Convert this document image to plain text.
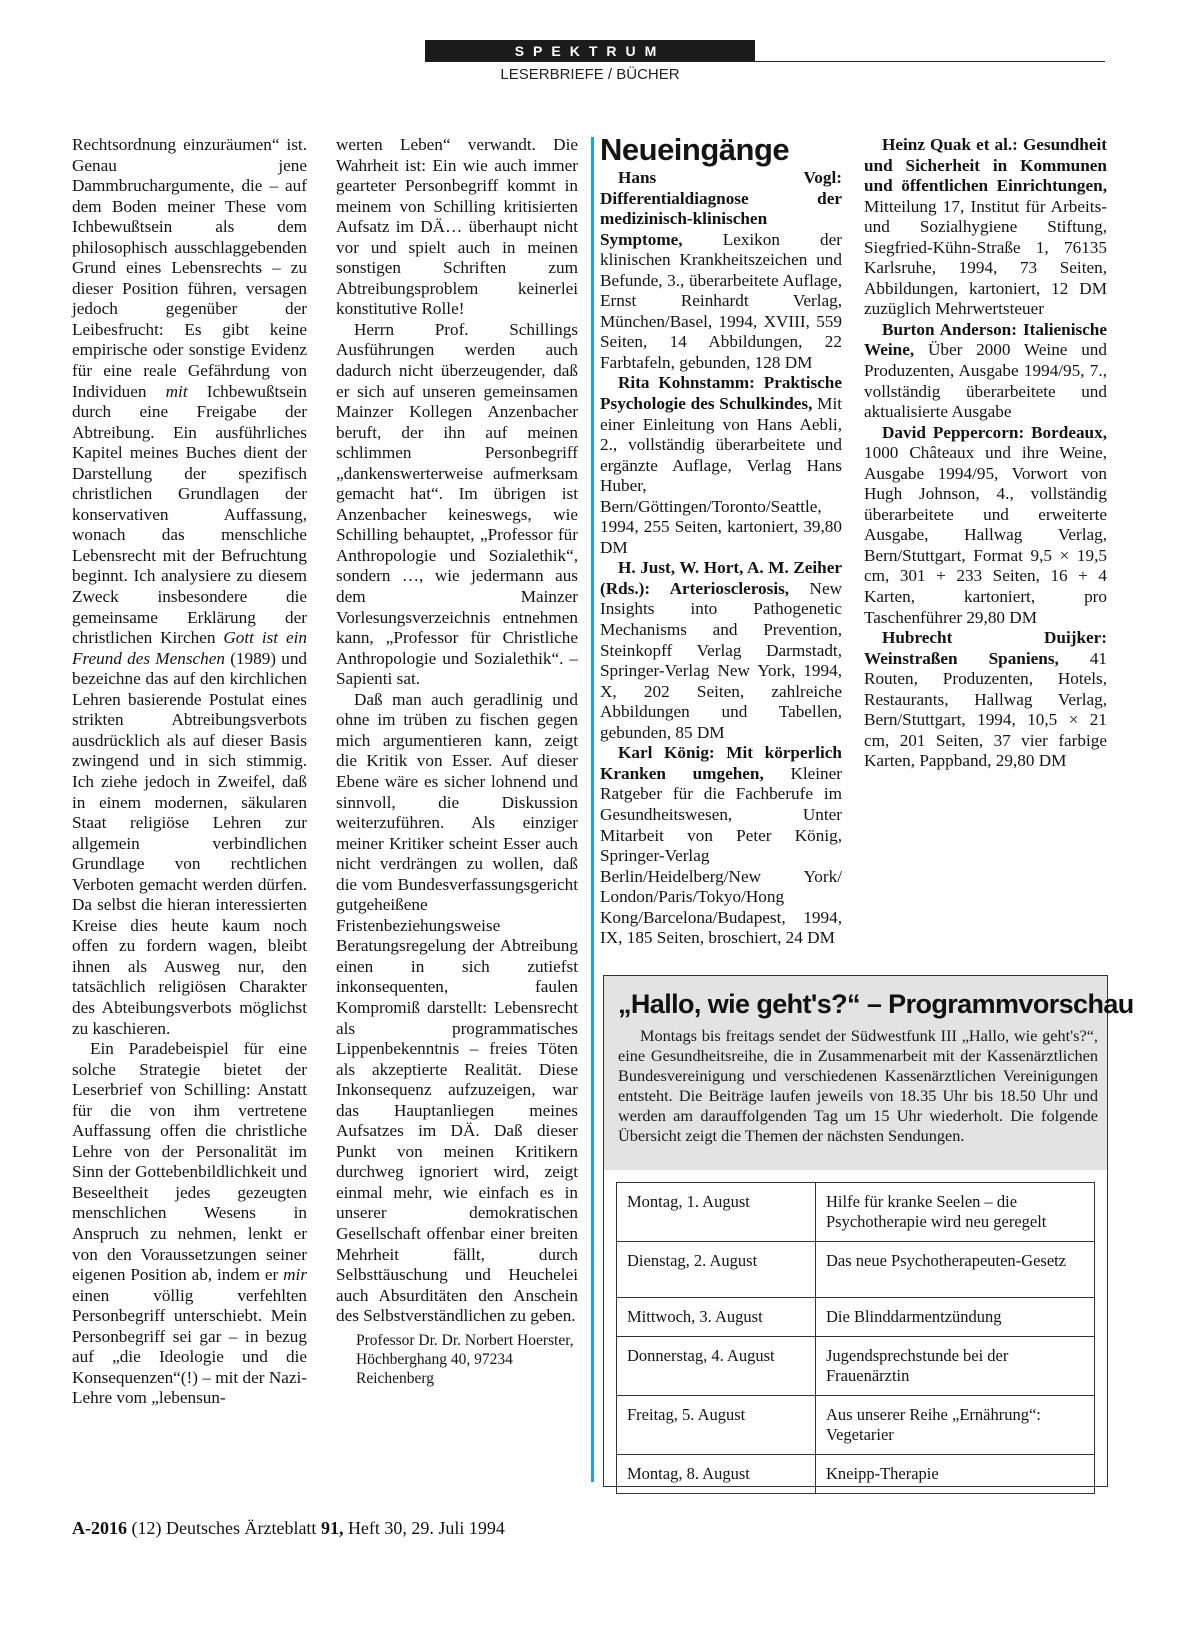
SPEKTRUM
LESERBRIEFE / BÜCHER

Rechtsordnung einzuräumen“ ist. Genau jene Dammbruchargumente, die – auf dem Boden meiner These vom Ichbewußtsein als dem philosophisch ausschlaggebenden Grund eines Lebensrechts – zu dieser Position führen, versagen jedoch gegenüber der Leibesfrucht: Es gibt keine empirische oder sonstige Evidenz für eine reale Gefährdung von Individuen mit Ichbewußtsein durch eine Freigabe der Abtreibung. Ein ausführliches Kapitel meines Buches dient der Darstellung der spezifisch christlichen Grundlagen der konservativen Auffassung, wonach das menschliche Lebensrecht mit der Befruchtung beginnt. Ich analysiere zu diesem Zweck insbesondere die gemeinsame Erklärung der christlichen Kirchen Gott ist ein Freund des Menschen (1989) und bezeichne das auf den kirchlichen Lehren basierende Postulat eines strikten Abtreibungsverbots ausdrücklich als auf dieser Basis zwingend und in sich stimmig. Ich ziehe jedoch in Zweifel, daß in einem modernen, säkularen Staat religiöse Lehren zur allgemein verbindlichen Grundlage von rechtlichen Verboten gemacht werden dürfen. Da selbst die hieran interessierten Kreise dies heute kaum noch offen zu fordern wagen, bleibt ihnen als Ausweg nur, den tatsächlich religiösen Charakter des Abteibungsverbots möglichst zu kaschieren.

Ein Paradebeispiel für eine solche Strategie bietet der Leserbrief von Schilling: Anstatt für die von ihm vertretene Auffassung offen die christliche Lehre von der Personalität im Sinn der Gottebenbildlichkeit und Beseeltheit jedes gezeugten menschlichen Wesens in Anspruch zu nehmen, lenkt er von den Voraussetzungen seiner eigenen Position ab, indem er mir einen völlig verfehlten Personbegriff unterschiebt. Mein Personbegriff sei gar – in bezug auf „die Ideologie und die Konsequenzen“(!) – mit der Nazi-Lehre vom „lebensun-

werten Leben“ verwandt. Die Wahrheit ist: Ein wie auch immer gearteter Personbegriff kommt in meinem von Schilling kritisierten Aufsatz im DÄ… überhaupt nicht vor und spielt auch in meinen sonstigen Schriften zum Abtreibungsproblem keinerlei konstitutive Rolle!

Herrn Prof. Schillings Ausführungen werden auch dadurch nicht überzeugender, daß er sich auf unseren gemeinsamen Mainzer Kollegen Anzenbacher beruft, der ihn auf meinen schlimmen Personbegriff „dankenswerterweise aufmerksam gemacht hat“. Im übrigen ist Anzenbacher keineswegs, wie Schilling behauptet, „Professor für Anthropologie und Sozialethik“, sondern …, wie jedermann aus dem Mainzer Vorlesungsverzeichnis entnehmen kann, „Professor für Christliche Anthropologie und Sozialethik“. – Sapienti sat.

Daß man auch geradlinig und ohne im trüben zu fischen gegen mich argumentieren kann, zeigt die Kritik von Esser. Auf dieser Ebene wäre es sicher lohnend und sinnvoll, die Diskussion weiterzuführen. Als einziger meiner Kritiker scheint Esser auch nicht verdrängen zu wollen, daß die vom Bundesverfassungsgericht gutgeheißene Fristenbeziehungsweise Beratungsregelung der Abtreibung einen in sich zutiefst inkonsequenten, faulen Kompromiß darstellt: Lebensrecht als programmatisches Lippenbekenntnis – freies Töten als akzeptierte Realität. Diese Inkonsequenz aufzuzeigen, war das Hauptanliegen meines Aufsatzes im DÄ. Daß dieser Punkt von meinen Kritikern durchweg ignoriert wird, zeigt einmal mehr, wie einfach es in unserer demokratischen Gesellschaft offenbar einer breiten Mehrheit fällt, durch Selbsttäuschung und Heuchelei auch Absurditäten den Anschein des Selbstverständlichen zu geben.

Professor Dr. Dr. Norbert Hoerster, Höchberghang 40, 97234 Reichenberg

Neueingänge

Hans Vogl: Differentialdiagnose der medizinisch-klinischen Symptome, Lexikon der klinischen Krankheitszeichen und Befunde, 3., überarbeitete Auflage, Ernst Reinhardt Verlag, München/Basel, 1994, XVIII, 559 Seiten, 14 Abbildungen, 22 Farbtafeln, gebunden, 128 DM

Rita Kohnstamm: Praktische Psychologie des Schulkindes, Mit einer Einleitung von Hans Aebli, 2., vollständig überarbeitete und ergänzte Auflage, Verlag Hans Huber, Bern/Göttingen/Toronto/Seattle, 1994, 255 Seiten, kartoniert, 39,80 DM

H. Just, W. Hort, A. M. Zeiher (Rds.): Arteriosclerosis, New Insights into Pathogenetic Mechanisms and Prevention, Steinkopff Verlag Darmstadt, Springer-Verlag New York, 1994, X, 202 Seiten, zahlreiche Abbildungen und Tabellen, gebunden, 85 DM

Karl König: Mit körperlich Kranken umgehen, Kleiner Ratgeber für die Fachberufe im Gesundheitswesen, Unter Mitarbeit von Peter König, Springer-Verlag Berlin/Heidelberg/New York/ London/Paris/Tokyo/Hong Kong/Barcelona/Budapest, 1994, IX, 185 Seiten, broschiert, 24 DM

Heinz Quak et al.: Gesundheit und Sicherheit in Kommunen und öffentlichen Einrichtungen, Mitteilung 17, Institut für Arbeits- und Sozialhygiene Stiftung, Siegfried-Kühn-Straße 1, 76135 Karlsruhe, 1994, 73 Seiten, Abbildungen, kartoniert, 12 DM zuzüglich Mehrwertsteuer

Burton Anderson: Italienische Weine, Über 2000 Weine und Produzenten, Ausgabe 1994/95, 7., vollständig überarbeitete und aktualisierte Ausgabe

David Peppercorn: Bordeaux, 1000 Châteaux und ihre Weine, Ausgabe 1994/95, Vorwort von Hugh Johnson, 4., vollständig überarbeitete und erweiterte Ausgabe, Hallwag Verlag, Bern/Stuttgart, Format 9,5 × 19,5 cm, 301 + 233 Seiten, 16 + 4 Karten, kartoniert, pro Taschenführer 29,80 DM

Hubrecht Duijker: Weinstraßen Spaniens, 41 Routen, Produzenten, Hotels, Restaurants, Hallwag Verlag, Bern/Stuttgart, 1994, 10,5 × 21 cm, 201 Seiten, 37 vier farbige Karten, Pappband, 29,80 DM

„Hallo, wie geht's?“ – Programmvorschau
Montags bis freitags sendet der Südwestfunk III „Hallo, wie geht's?“, eine Gesundheitsreihe, die in Zusammenarbeit mit der Kassenärztlichen Bundesvereinigung und verschiedenen Kassenärztlichen Vereinigungen entsteht. Die Beiträge laufen jeweils von 18.35 Uhr bis 18.50 Uhr und werden am darauffolgenden Tag um 15 Uhr wiederholt. Die folgende Übersicht zeigt die Themen der nächsten Sendungen.
Montag, 1. August	Hilfe für kranke Seelen – die Psychotherapie wird neu geregelt
Dienstag, 2. August	Das neue Psychotherapeuten-Gesetz
Mittwoch, 3. August	Die Blinddarmentzündung
Donnerstag, 4. August	Jugendsprechstunde bei der Frauenärztin
Freitag, 5. August	Aus unserer Reihe „Ernährung“: Vegetarier
Montag, 8. August	Kneipp-Therapie
A-2016 (12) Deutsches Ärzteblatt 91, Heft 30, 29. Juli 1994
